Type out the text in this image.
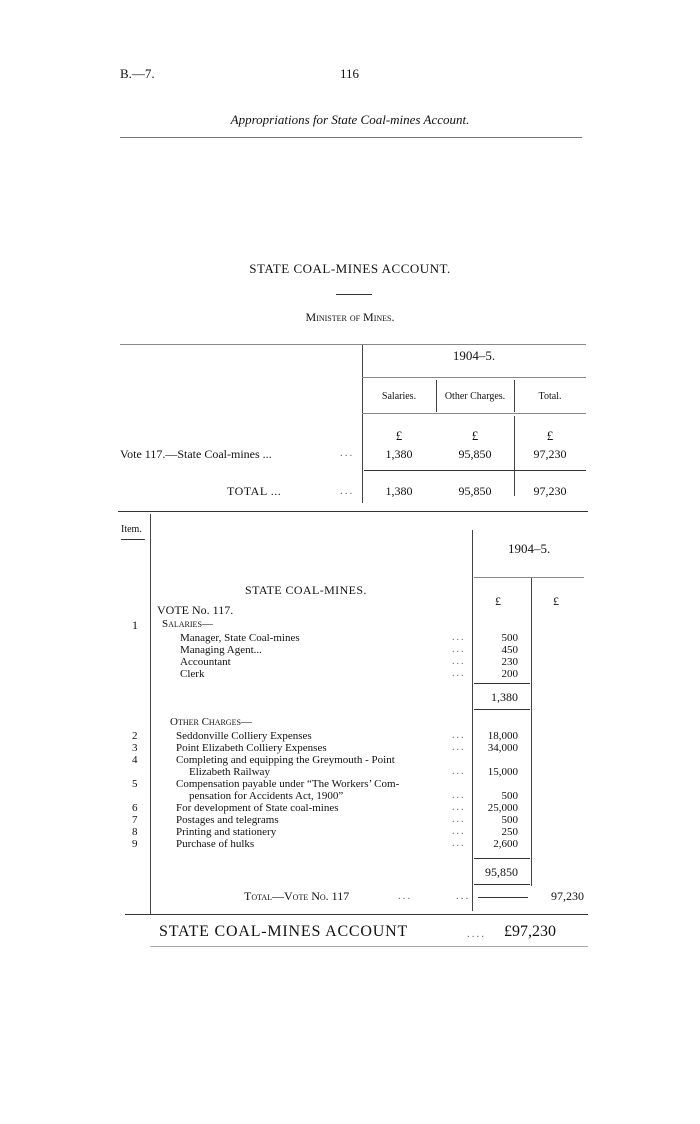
B.—7.	116
Appropriations for State Coal-mines Account.
STATE COAL-MINES ACCOUNT.
Minister of Mines.
1904–5.
Salaries.	Other Charges.	Total.
£	£	£
Vote 117.—State Coal-mines ...	...	1,380	95,850	97,230
TOTAL ...	...	1,380	95,850	97,230
Item.
1904–5.
STATE COAL-MINES.
£	£
VOTE No. 117.
1 Salaries—
Manager, State Coal-mines	500
...
Managing Agent...	450
...
Accountant	230
...
Clerk	200
...
1,380
Other Charges—
2	Seddonville Colliery Expenses	18,000
...
3	Point Elizabeth Colliery Expenses	34,000
...
4	Completing and equipping the Greymouth - Point
Elizabeth Railway	15,000
...
5	Compensation payable under “The Workers’ Com-
pensation for Accidents Act, 1900”	500
...
6	For development of State coal-mines	25,000
...
7	Postages and telegrams	500
...
8	Printing and stationery	250
...
9	Purchase of hulks	2,600
...
95,850
Total—Vote No. 117	...	...	97,230
STATE COAL-MINES ACCOUNT	....	£97,230
